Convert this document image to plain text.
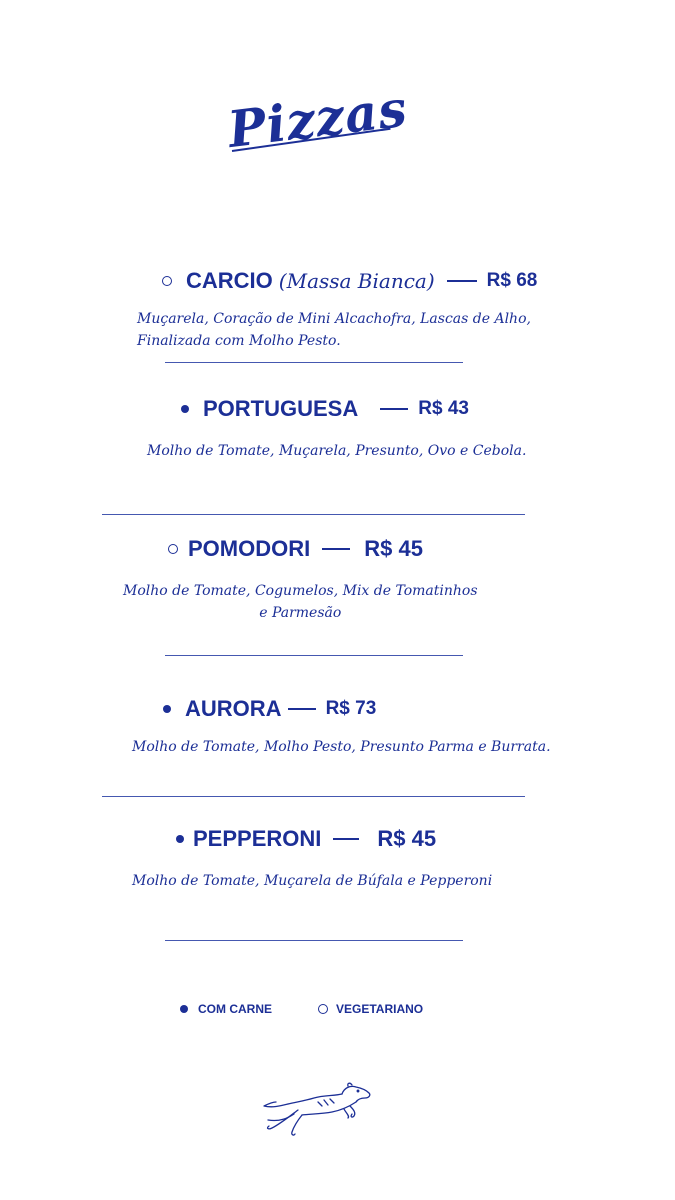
Pizzas
CARCIO (Massa Bianca)	R$ 68
Muçarela, Coração de Mini Alcachofra, Lascas de Alho,
Finalizada com Molho Pesto.
PORTUGUESA	R$ 43
Molho de Tomate, Muçarela, Presunto, Ovo e Cebola.
POMODORI R$ 45
Molho de Tomate, Cogumelos, Mix de Tomatinhos
e Parmesão
AURORA R$ 73
Molho de Tomate, Molho Pesto, Presunto Parma e Burrata.
PEPPERONI	R$ 45
Molho de Tomate, Muçarela de Búfala e Pepperoni
COM CARNE	VEGETARIANO
